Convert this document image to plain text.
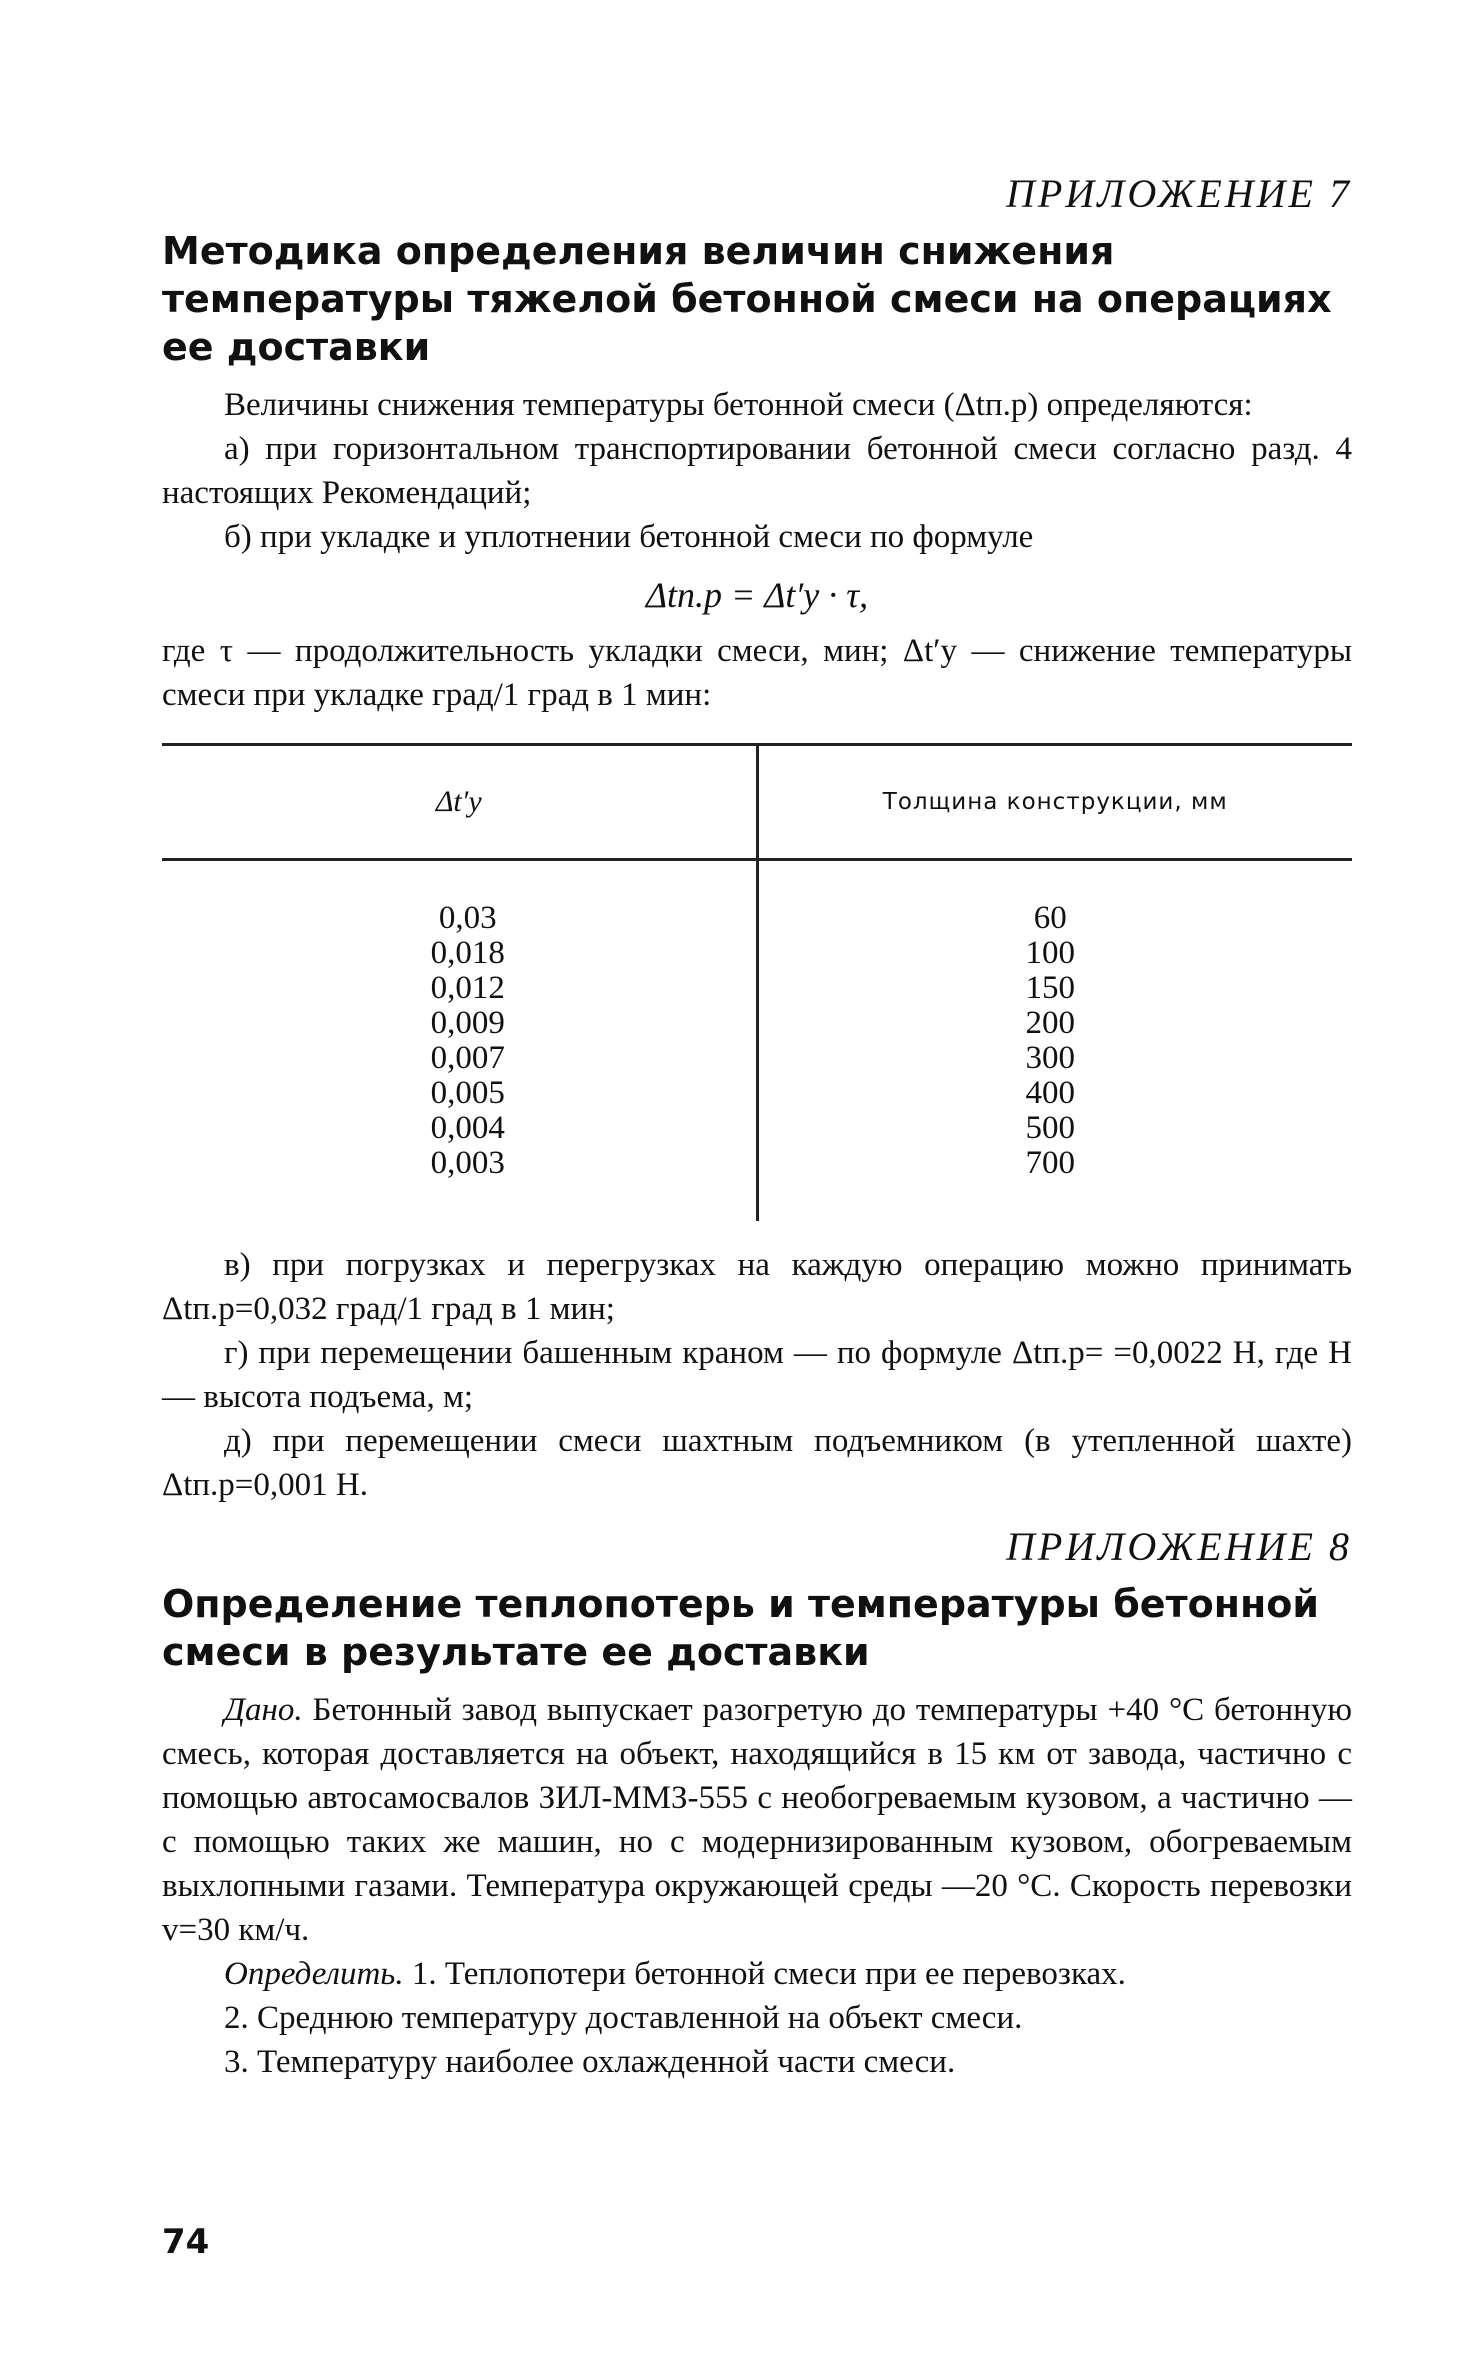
ПРИЛОЖЕНИЕ 7

Методика определения величин снижения температуры тяжелой бетонной смеси на операциях ее доставки

Величины снижения температуры бетонной смеси (Δtп.р) определяются:

а) при горизонтальном транспортировании бетонной смеси согласно разд. 4 настоящих Рекомендаций;

б) при укладке и уплотнении бетонной смеси по формуле

Δtп.р = Δt′у · τ,

где τ — продолжительность укладки смеси, мин; Δt′у — снижение температуры смеси при укладке град/1 град в 1 мин:

Δt′у	Толщина конструкции, мм
0,03	60
0,018	100
0,012	150
0,009	200
0,007	300
0,005	400
0,004	500
0,003	700

в) при погрузках и перегрузках на каждую операцию можно принимать Δtп.р=0,032 град/1 град в 1 мин;

г) при перемещении башенным краном — по формуле Δtп.р= =0,0022 H, где H — высота подъема, м;

д) при перемещении смеси шахтным подъемником (в утепленной шахте) Δtп.р=0,001 H.

ПРИЛОЖЕНИЕ 8

Определение теплопотерь и температуры бетонной смеси в результате ее доставки

Дано. Бетонный завод выпускает разогретую до температуры +40 °С бетонную смесь, которая доставляется на объект, находящийся в 15 км от завода, частично с помощью автосамосвалов ЗИЛ-ММЗ-555 с необогреваемым кузовом, а частично — с помощью таких же машин, но с модернизированным кузовом, обогреваемым выхлопными газами. Температура окружающей среды —20 °С. Скорость перевозки v=30 км/ч.

Определить. 1. Теплопотери бетонной смеси при ее перевозках.

2. Среднюю температуру доставленной на объект смеси.

3. Температуру наиболее охлажденной части смеси.

74
